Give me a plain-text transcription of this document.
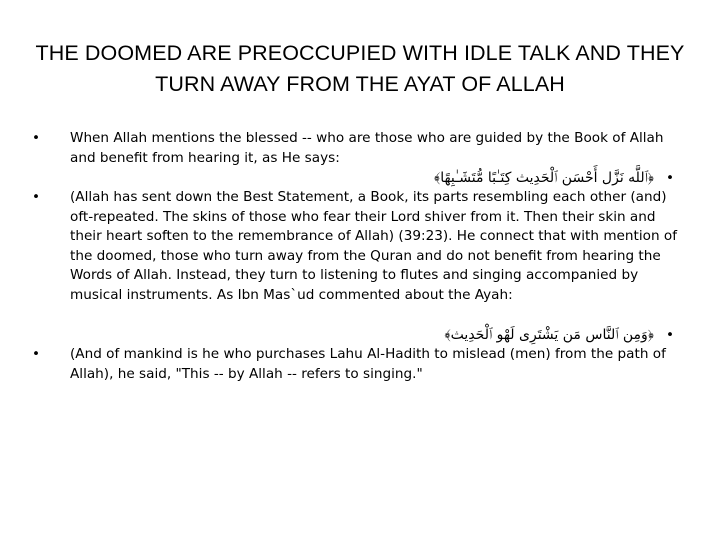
THE DOOMED ARE PREOCCUPIED WITH IDLE TALK AND THEY TURN AWAY FROM THE AYAT OF ALLAH
• When Allah mentions the blessed -- who are those who are guided by the Book of Allah and benefit from hearing it, as He says:
﴿ﭐﻟﻠَّﻪ ﻧَﺰَّﻝ ﺃَﺣْﺴَﻦ ﭐﻟْﺤَﺪِﻳﺚ ﻛِﺘَـٰﺒًﺎ ﻣُّﺘَﺸَـٰﺒِﻬًﺎ﴾ •
• (Allah has sent down the Best Statement, a Book, its parts resembling each other (and) oft-repeated. The skins of those who fear their Lord shiver from it. Then their skin and their heart soften to the remembrance of Allah) (39:23). He connect that with mention of the doomed, those who turn away from the Quran and do not benefit from hearing the Words of Allah. Instead, they turn to listening to flutes and singing accompanied by musical instruments. As Ibn Mas`ud commented about the Ayah:
﴿ﻭَﻣِﻦ ﭐﻟﻨَّﺎﺱ ﻣَﻦ ﻳَﺸْﺘَﺮِﻯ ﻟَﻬْﻮ ﭐﻟْﺤَﺪِﻳﺚ﴾ •
• (And of mankind is he who purchases Lahu Al-Hadith to mislead (men) from the path of Allah), he said, "This -- by Allah -- refers to singing."
